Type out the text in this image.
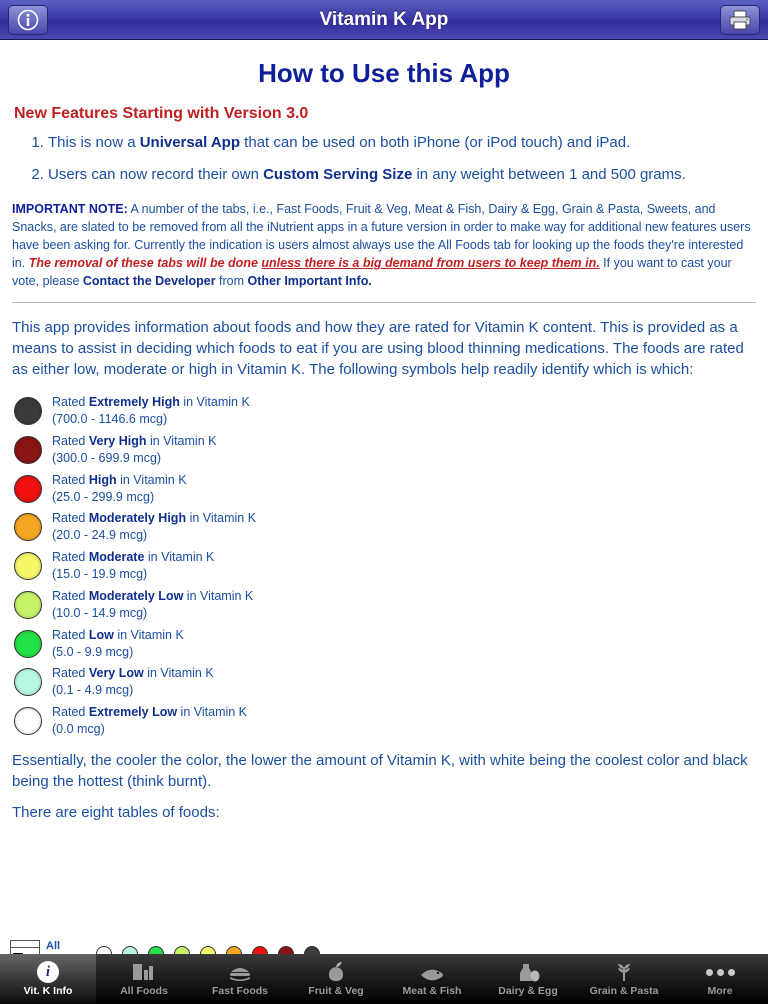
Vitamin K App
How to Use this App
New Features Starting with Version 3.0
1. This is now a Universal App that can be used on both iPhone (or iPod touch) and iPad.
2. Users can now record their own Custom Serving Size in any weight between 1 and 500 grams.

IMPORTANT NOTE: A number of the tabs, i.e., Fast Foods, Fruit & Veg, Meat & Fish, Dairy & Egg, Grain & Pasta, Sweets, and Snacks, are slated to be removed from all the iNutrient apps in a future version in order to make way for additional new features users have been asking for. Currently the indication is users almost always use the All Foods tab for looking up the foods they're interested in. The removal of these tabs will be done unless there is a big demand from users to keep them in. If you want to cast your vote, please Contact the Developer from Other Important Info.

This app provides information about foods and how they are rated for Vitamin K content. This is provided as a means to assist in deciding which foods to eat if you are using blood thinning medications. The foods are rated as either low, moderate or high in Vitamin K. The following symbols help readily identify which is which:

Rated Extremely High in Vitamin K
(700.0 - 1146.6 mcg)
Rated Very High in Vitamin K
(300.0 - 699.9 mcg)
Rated High in Vitamin K
(25.0 - 299.9 mcg)
Rated Moderately High in Vitamin K
(20.0 - 24.9 mcg)
Rated Moderate in Vitamin K
(15.0 - 19.9 mcg)
Rated Moderately Low in Vitamin K
(10.0 - 14.9 mcg)
Rated Low in Vitamin K
(5.0 - 9.9 mcg)
Rated Very Low in Vitamin K
(0.1 - 4.9 mcg)
Rated Extremely Low in Vitamin K
(0.0 mcg)

Essentially, the cooler the color, the lower the amount of Vitamin K, with white being the coolest color and black being the hottest (think burnt).

There are eight tables of foods:

All
i
Vit. K Info	All Foods	Fast Foods	Fruit & Veg	Meat & Fish	Dairy & Egg	Grain & Pasta	More
